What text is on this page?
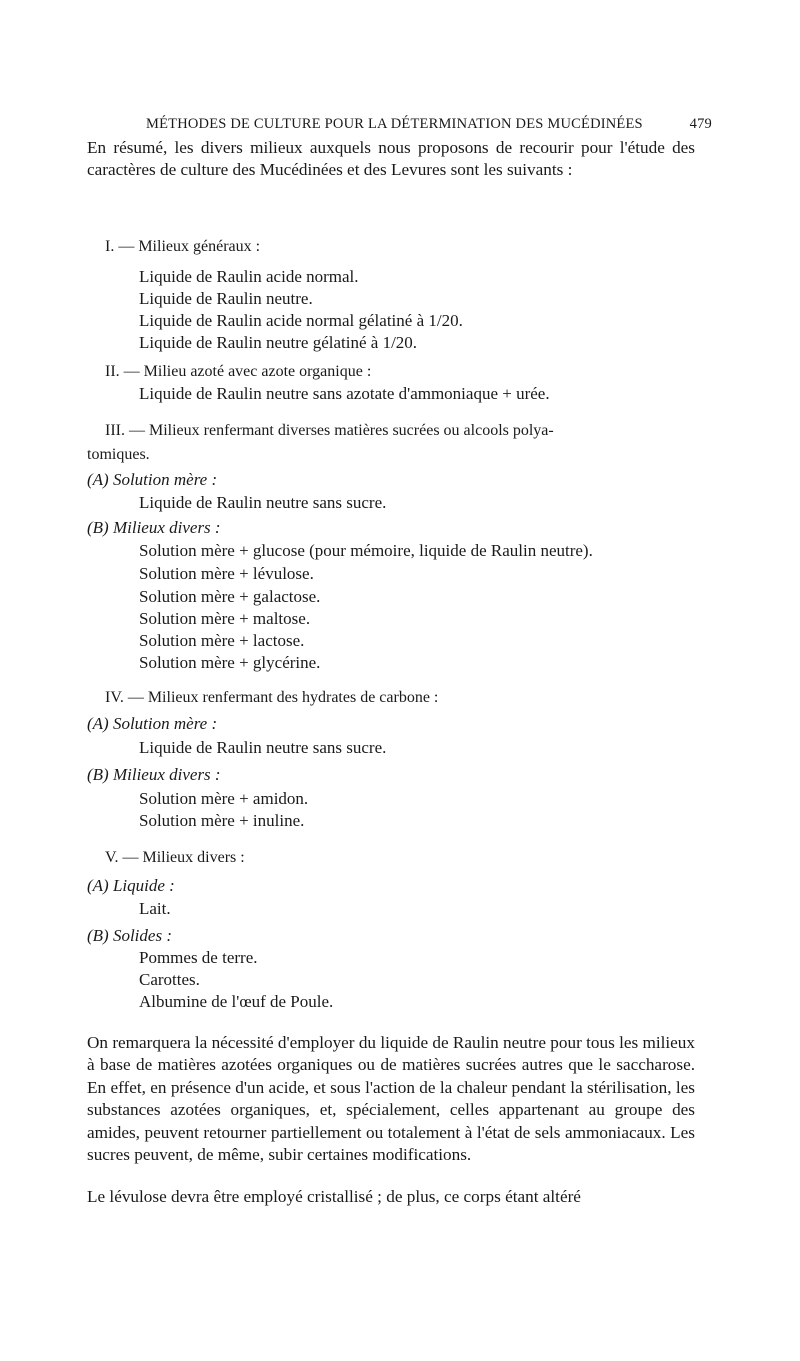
MÉTHODES DE CULTURE POUR LA DÉTERMINATION DES MUCÉDINÉES	479

En résumé, les divers milieux auxquels nous proposons de recourir pour l'étude des caractères de culture des Mucédinées et des Levures sont les suivants :

I. — Milieux généraux :
Liquide de Raulin acide normal.
Liquide de Raulin neutre.
Liquide de Raulin acide normal gélatiné à 1/20.
Liquide de Raulin neutre gélatiné à 1/20.
II. — Milieu azoté avec azote organique :
Liquide de Raulin neutre sans azotate d'ammoniaque + urée.
III. — Milieux renfermant diverses matières sucrées ou alcools polya-
tomiques.
(A) Solution mère :
Liquide de Raulin neutre sans sucre.
(B) Milieux divers :
Solution mère + glucose (pour mémoire, liquide de Raulin neutre).
Solution mère + lévulose.
Solution mère + galactose.
Solution mère + maltose.
Solution mère + lactose.
Solution mère + glycérine.
IV. — Milieux renfermant des hydrates de carbone :
(A) Solution mère :
Liquide de Raulin neutre sans sucre.
(B) Milieux divers :
Solution mère + amidon.
Solution mère + inuline.
V. — Milieux divers :
(A) Liquide :
Lait.
(B) Solides :
Pommes de terre.
Carottes.
Albumine de l'œuf de Poule.

On remarquera la nécessité d'employer du liquide de Raulin neutre pour tous les milieux à base de matières azotées organiques ou de matières sucrées autres que le saccharose. En effet, en présence d'un acide, et sous l'action de la chaleur pendant la stérilisation, les substances azotées organiques, et, spécialement, celles appartenant au groupe des amides, peuvent retourner partiellement ou totalement à l'état de sels ammoniacaux. Les sucres peuvent, de même, subir certaines modifications.

Le lévulose devra être employé cristallisé ; de plus, ce corps étant altéré
